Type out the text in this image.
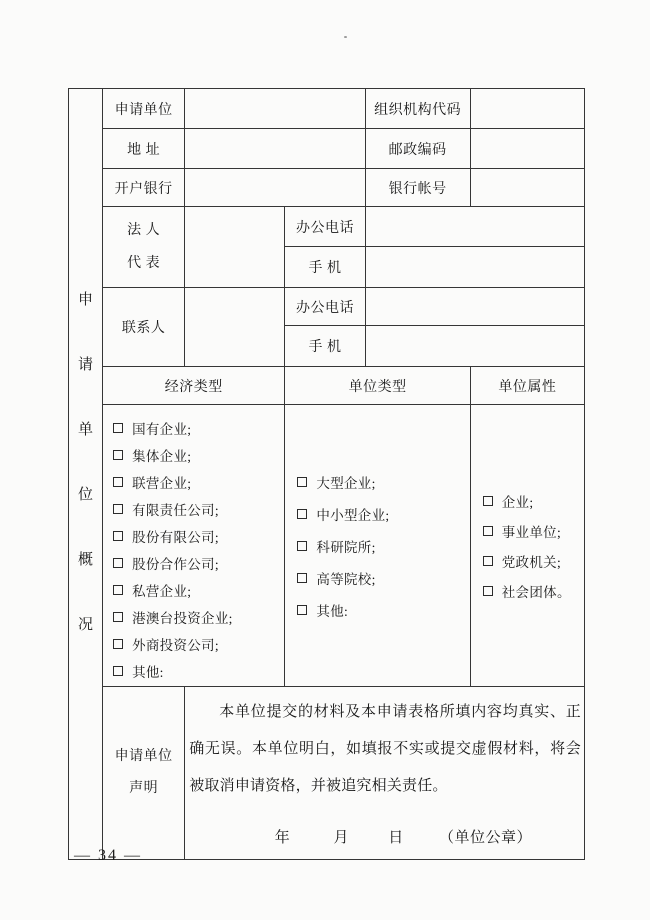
申
请
单
位
概
况
	申请单位		组织机构代码	
	地 址			邮政编码	
	开户银行			银行帐号	

	法 人
代 表		办公电话		
			手 机		
	联系人		办公电话		
			手 机		
	经济类型		单位类型		单位属性

国有企业;
集体企业;
联营企业;
有限责任公司;
股份有限公司;
股份合作公司;
私营企业;
港澳台投资企业;
外商投资公司;
其他:

大型企业;
中小型企业;
科研院所;
高等院校;
其他:

企业;
事业单位;
党政机关;
社会团体。

申请单位
声明

本单位提交的材料及本申请表格所填内容均真实、正确无误。本单位明白，如填报不实或提交虚假材料，将会被取消申请资格，并被追究相关责任。
年	月	日 （单位公章）
— 34 —
